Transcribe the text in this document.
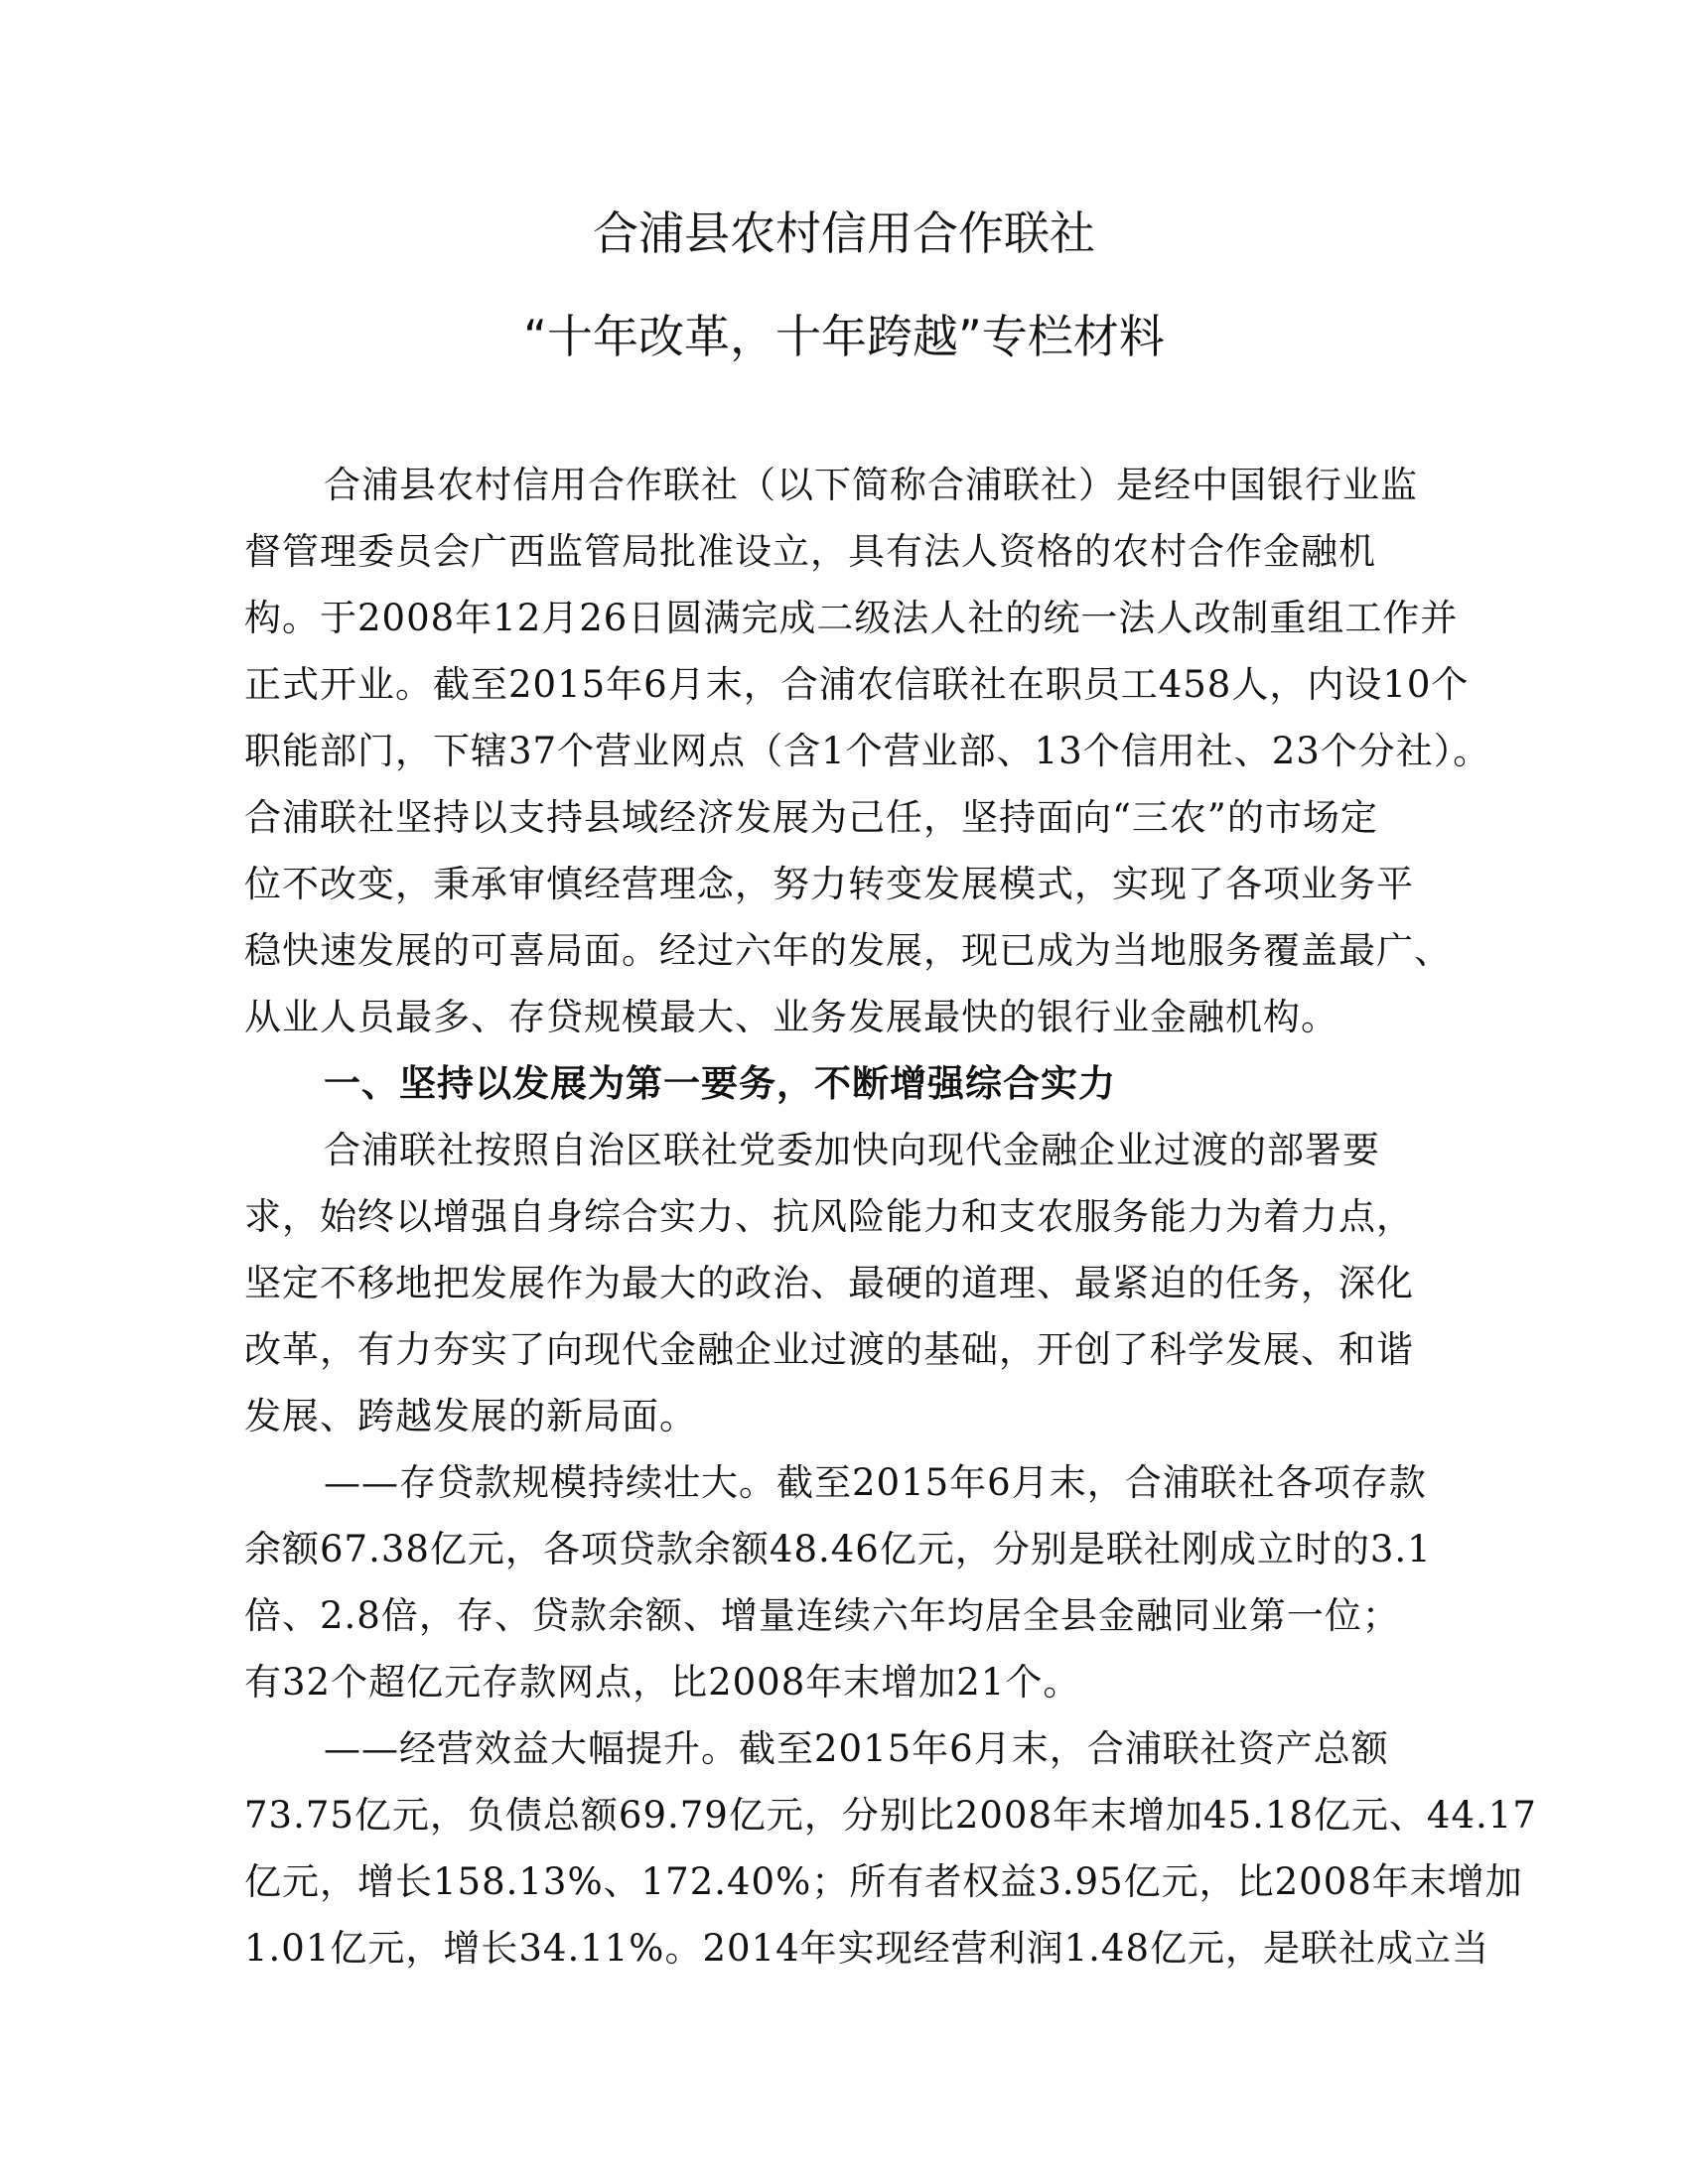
合浦县农村信用合作联社
“十年改革，十年跨越”专栏材料

合浦县农村信用合作联社（以下简称合浦联社）是经中国银行业监

督管理委员会广西监管局批准设立，具有法人资格的农村合作金融机

构。于2008年12月26日圆满完成二级法人社的统一法人改制重组工作并

正式开业。截至2015年6月末，合浦农信联社在职员工458人，内设10个

职能部门，下辖37个营业网点（含1个营业部、13个信用社、23个分社）。

合浦联社坚持以支持县域经济发展为己任，坚持面向“三农”的市场定

位不改变，秉承审慎经营理念，努力转变发展模式，实现了各项业务平

稳快速发展的可喜局面。经过六年的发展，现已成为当地服务覆盖最广、

从业人员最多、存贷规模最大、业务发展最快的银行业金融机构。

一、坚持以发展为第一要务，不断增强综合实力

合浦联社按照自治区联社党委加快向现代金融企业过渡的部署要

求，始终以增强自身综合实力、抗风险能力和支农服务能力为着力点，

坚定不移地把发展作为最大的政治、最硬的道理、最紧迫的任务，深化

改革，有力夯实了向现代金融企业过渡的基础，开创了科学发展、和谐

发展、跨越发展的新局面。

——存贷款规模持续壮大。截至2015年6月末，合浦联社各项存款

余额67.38亿元，各项贷款余额48.46亿元，分别是联社刚成立时的3.1

倍、2.8倍，存、贷款余额、增量连续六年均居全县金融同业第一位；

有32个超亿元存款网点，比2008年末增加21个。

——经营效益大幅提升。截至2015年6月末，合浦联社资产总额

73.75亿元，负债总额69.79亿元，分别比2008年末增加45.18亿元、44.17

亿元，增长158.13%、172.40%；所有者权益3.95亿元，比2008年末增加

1.01亿元，增长34.11%。2014年实现经营利润1.48亿元，是联社成立当
